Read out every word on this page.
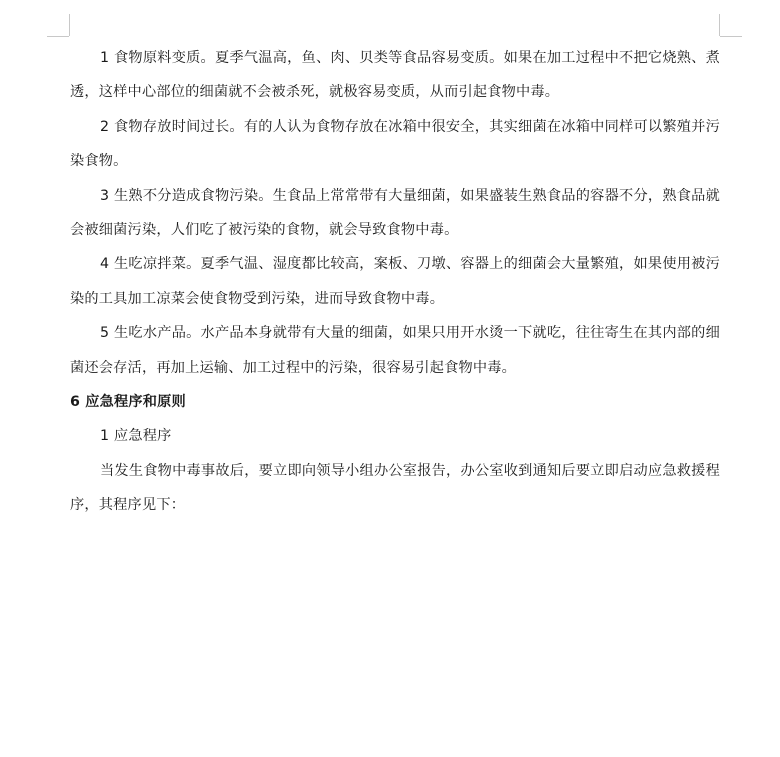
1 食物原料变质。夏季气温高，鱼、肉、贝类等食品容易变质。如果在加工过程中不把它烧熟、煮透，这样中心部位的细菌就不会被杀死，就极容易变质，从而引起食物中毒。

2 食物存放时间过长。有的人认为食物存放在冰箱中很安全，其实细菌在冰箱中同样可以繁殖并污染食物。

3 生熟不分造成食物污染。生食品上常常带有大量细菌，如果盛装生熟食品的容器不分，熟食品就会被细菌污染，人们吃了被污染的食物，就会导致食物中毒。

4 生吃凉拌菜。夏季气温、湿度都比较高，案板、刀墩、容器上的细菌会大量繁殖，如果使用被污染的工具加工凉菜会使食物受到污染，进而导致食物中毒。

5 生吃水产品。水产品本身就带有大量的细菌，如果只用开水烫一下就吃，往往寄生在其内部的细菌还会存活，再加上运输、加工过程中的污染，很容易引起食物中毒。

6 应急程序和原则

1 应急程序

当发生食物中毒事故后，要立即向领导小组办公室报告，办公室收到通知后要立即启动应急救援程序，其程序见下：
